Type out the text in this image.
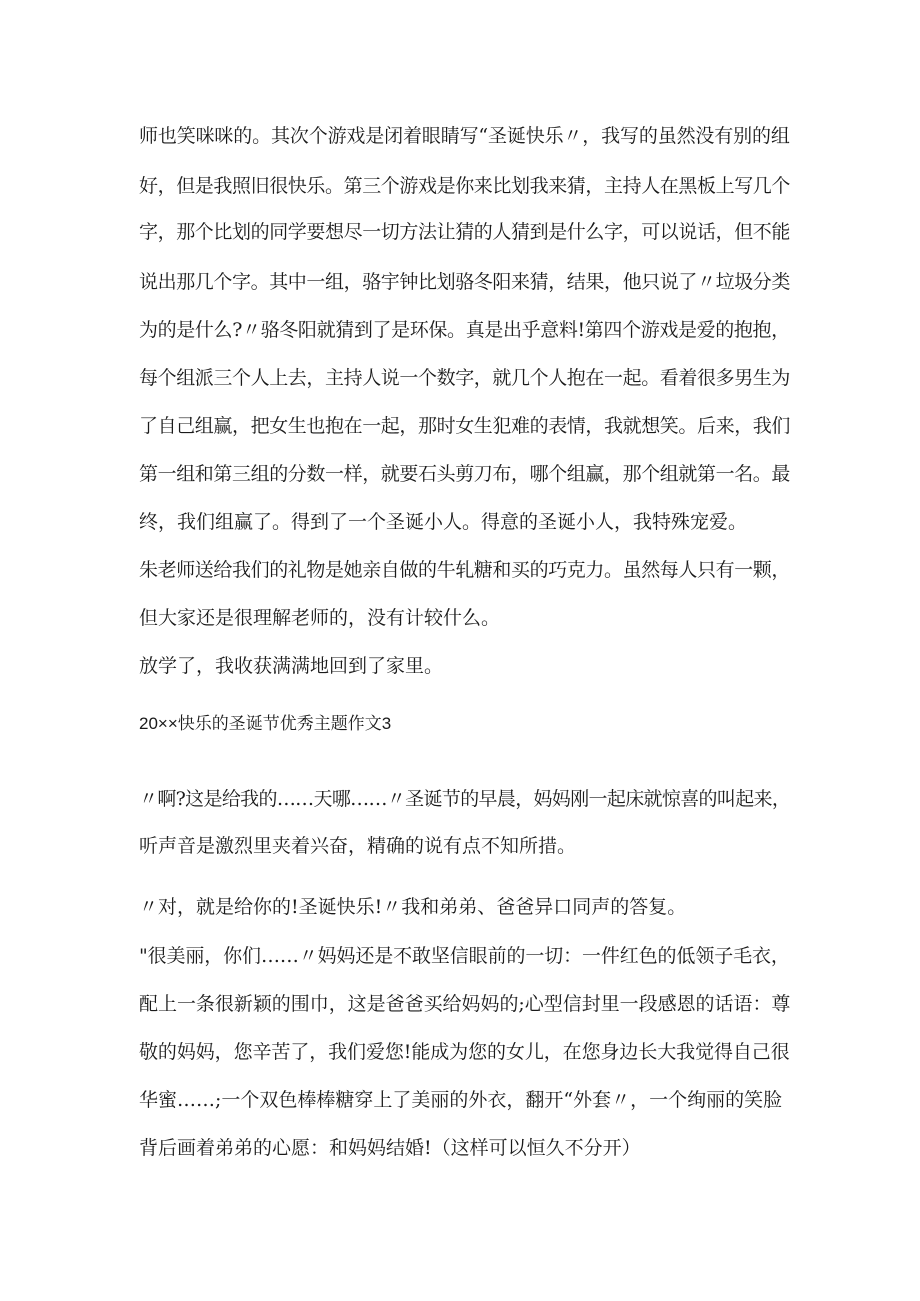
师也笑咪咪的。其次个游戏是闭着眼睛写“圣诞快乐〃，我写的虽然没有别的组
好，但是我照旧很快乐。第三个游戏是你来比划我来猜，主持人在黑板上写几个
字，那个比划的同学要想尽一切方法让猜的人猜到是什么字，可以说话，但不能
说出那几个字。其中一组，骆宇钟比划骆冬阳来猜，结果，他只说了〃垃圾分类
为的是什么?〃骆冬阳就猜到了是环保。真是出乎意料!第四个游戏是爱的抱抱，
每个组派三个人上去，主持人说一个数字，就几个人抱在一起。看着很多男生为
了自己组赢，把女生也抱在一起，那时女生犯难的表情，我就想笑。后来，我们
第一组和第三组的分数一样，就要石头剪刀布，哪个组赢，那个组就第一名。最
终，我们组赢了。得到了一个圣诞小人。得意的圣诞小人，我特殊宠爱。
朱老师送给我们的礼物是她亲自做的牛轧糖和买的巧克力。虽然每人只有一颗，
但大家还是很理解老师的，没有计较什么。
放学了，我收获满满地回到了家里。
20××快乐的圣诞节优秀主题作文3
〃啊?这是给我的……天哪……〃圣诞节的早晨，妈妈刚一起床就惊喜的叫起来，
听声音是激烈里夹着兴奋，精确的说有点不知所措。
〃对，就是给你的!圣诞快乐!〃我和弟弟、爸爸异口同声的答复。
"很美丽，你们……〃妈妈还是不敢坚信眼前的一切：一件红色的低领子毛衣，
配上一条很新颖的围巾，这是爸爸买给妈妈的;心型信封里一段感恩的话语：尊
敬的妈妈，您辛苦了，我们爱您!能成为您的女儿，在您身边长大我觉得自己很
华蜜……;一个双色棒棒糖穿上了美丽的外衣，翻开“外套〃，一个绚丽的笑脸
背后画着弟弟的心愿：和妈妈结婚!（这样可以恒久不分开）
